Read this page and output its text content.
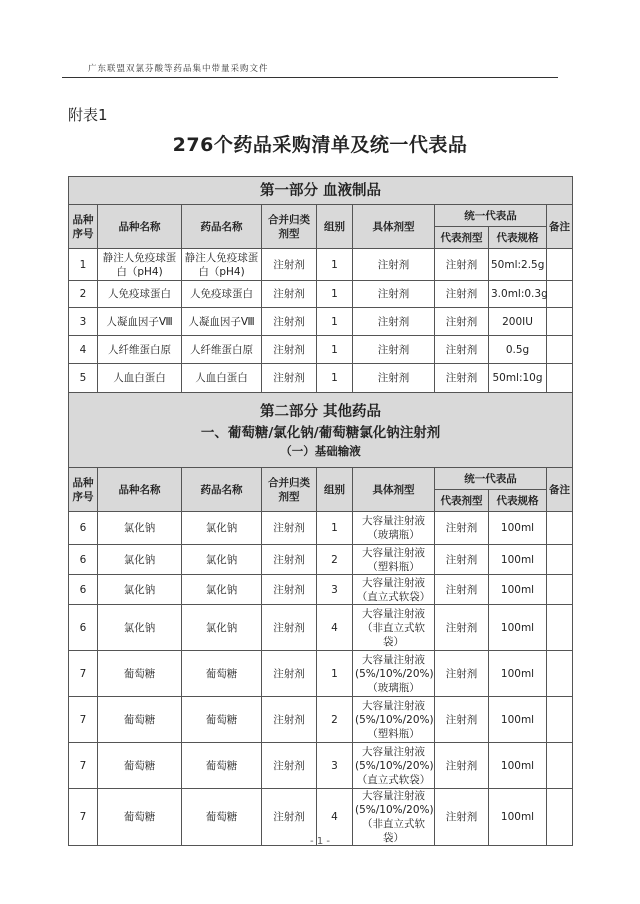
广东联盟双氯芬酸等药品集中带量采购文件
附表1
276个药品采购清单及统一代表品
第一部分 血液制品								
品种序号	品种名称	药品名称	合并归类剂型	组别	具体剂型	统一代表品		备注
						代表剂型	代表规格	
1	静注人免疫球蛋白（pH4)	静注人免疫球蛋白（pH4)	注射剂	1	注射剂	注射剂	50ml:2.5g	
2	人免疫球蛋白	人免疫球蛋白	注射剂	1	注射剂	注射剂	3.0ml:0.3g	
3	人凝血因子Ⅷ	人凝血因子Ⅷ	注射剂	1	注射剂	注射剂	200IU	
4	人纤维蛋白原	人纤维蛋白原	注射剂	1	注射剂	注射剂	0.5g	
5	人血白蛋白	人血白蛋白	注射剂	1	注射剂	注射剂	50ml:10g	

第二部分 其他药品
一、葡萄糖/氯化钠/葡萄糖氯化钠注射剂
（一）基础输液								

品种序号	品种名称	药品名称	合并归类剂型	组别	具体剂型	统一代表品		备注
						代表剂型	代表规格	
6	氯化钠	氯化钠	注射剂	1	大容量注射液（玻璃瓶）	注射剂	100ml	
6	氯化钠	氯化钠	注射剂	2	大容量注射液（塑料瓶）	注射剂	100ml	
6	氯化钠	氯化钠	注射剂	3	大容量注射液（直立式软袋）	注射剂	100ml	
6	氯化钠	氯化钠	注射剂	4	大容量注射液（非直立式软袋）	注射剂	100ml	
7	葡萄糖	葡萄糖	注射剂	1	大容量注射液(5%/10%/20%)（玻璃瓶）	注射剂	100ml	
7	葡萄糖	葡萄糖	注射剂	2	大容量注射液(5%/10%/20%)（塑料瓶）	注射剂	100ml	
7	葡萄糖	葡萄糖	注射剂	3	大容量注射液(5%/10%/20%)（直立式软袋）	注射剂	100ml	
7	葡萄糖	葡萄糖	注射剂	4	大容量注射液(5%/10%/20%)（非直立式软袋）	注射剂	100ml	
- 1 -
